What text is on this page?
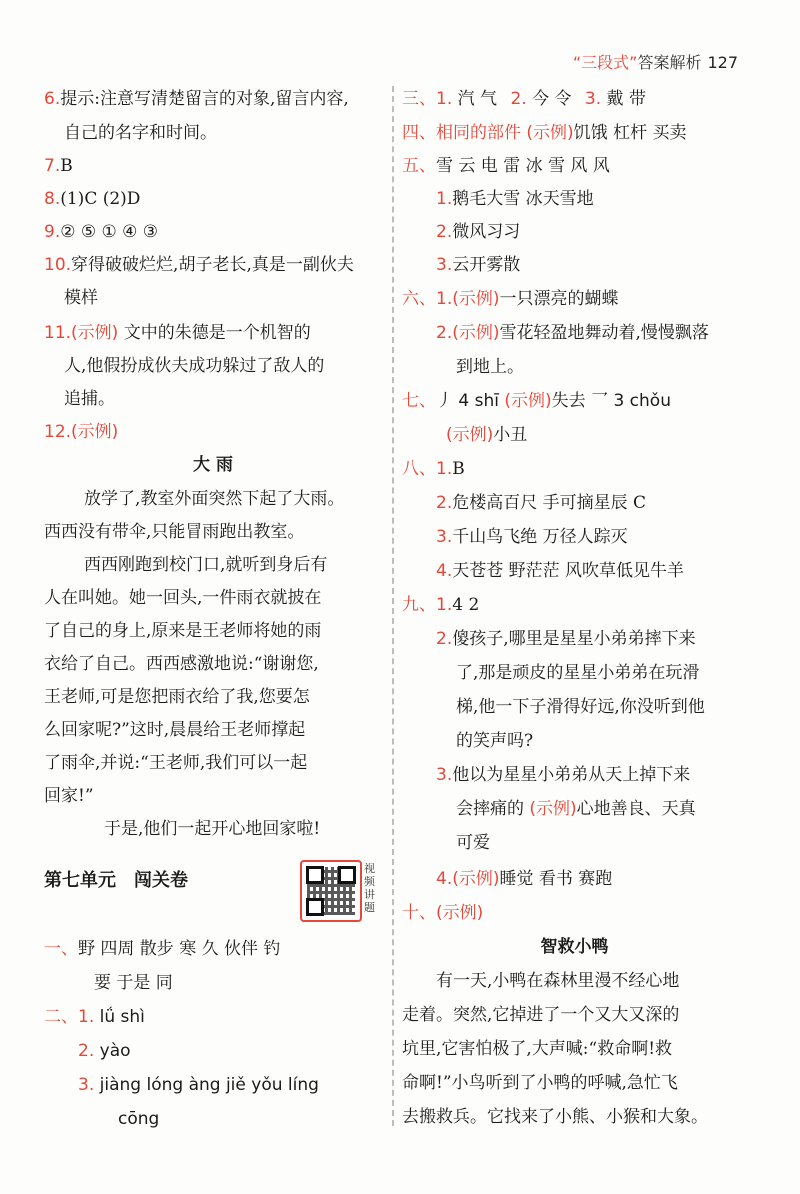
“三段式”答案解析 127
6.提示:注意写清楚留言的对象,留言内容,
自己的名字和时间。
7.B
8.(1)C (2)D
9.② ⑤ ① ④ ③
10.穿得破破烂烂,胡子老长,真是一副伙夫
模样
11.(示例) 文中的朱德是一个机智的
人,他假扮成伙夫成功躲过了敌人的
追捕。
12.(示例)
大 雨
放学了,教室外面突然下起了大雨。
西西没有带伞,只能冒雨跑出教室。
西西刚跑到校门口,就听到身后有
人在叫她。她一回头,一件雨衣就披在
了自己的身上,原来是王老师将她的雨
衣给了自己。西西感激地说:“谢谢您,
王老师,可是您把雨衣给了我,您要怎
么回家呢?”这时,晨晨给王老师撑起
了雨伞,并说:“王老师,我们可以一起
回家!”
于是,他们一起开心地回家啦!
第七单元 闯关卷
一、野 四周 散步 寒 久 伙伴 钓
要 于是 同
二、1. lǘ shì
2. yào
3. jiàng lóng àng jiě yǒu líng
cōng
视频讲题
三、1. 汽 气 2. 今 令 3. 戴 带
四、相同的部件 (示例)饥饿 杠杆 买卖
五、雪 云 电 雷 冰 雪 风 风
1.鹅毛大雪 冰天雪地
2.微风习习
3.云开雾散
六、1.(示例)一只漂亮的蝴蝶
2.(示例)雪花轻盈地舞动着,慢慢飘落
到地上。
七、丿 4 shī (示例)失去 乛 3 chǒu
(示例)小丑
八、1.B
2.危楼高百尺 手可摘星辰 C
3.千山鸟飞绝 万径人踪灭
4.天苍苍 野茫茫 风吹草低见牛羊
九、1.4 2
2.傻孩子,哪里是星星小弟弟摔下来
了,那是顽皮的星星小弟弟在玩滑
梯,他一下子滑得好远,你没听到他
的笑声吗?
3.他以为星星小弟弟从天上掉下来
会摔痛的 (示例)心地善良、天真
可爱
4.(示例)睡觉 看书 赛跑
十、(示例)
智救小鸭
有一天,小鸭在森林里漫不经心地
走着。突然,它掉进了一个又大又深的
坑里,它害怕极了,大声喊:“救命啊!救
命啊!”小鸟听到了小鸭的呼喊,急忙飞
去搬救兵。它找来了小熊、小猴和大象。
